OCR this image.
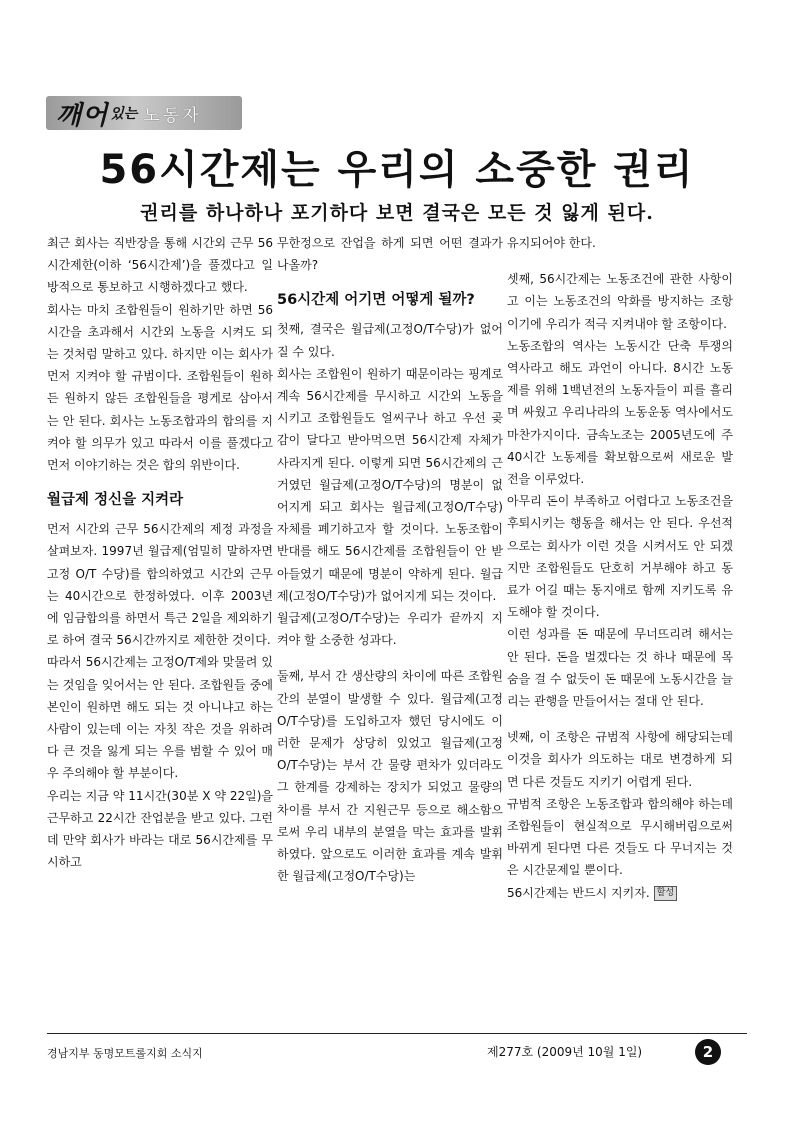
깨어 있는 노동자
56시간제는 우리의 소중한 권리
권리를 하나하나 포기하다 보면 결국은 모든 것 잃게 된다.

최근 회사는 직반장을 통해 시간외 근무 56시간제한(이하 ‘56시간제’)을 풀겠다고 일방적으로 통보하고 시행하겠다고 했다.

회사는 마치 조합원들이 원하기만 하면 56시간을 초과해서 시간외 노동을 시켜도 되는 것처럼 말하고 있다. 하지만 이는 회사가 먼저 지켜야 할 규범이다. 조합원들이 원하든 원하지 않든 조합원들을 평게로 삼아서는 안 된다. 회사는 노동조합과의 합의를 지켜야 할 의무가 있고 따라서 이를 풀겠다고 먼저 이야기하는 것은 합의 위반이다.

월급제 정신을 지켜라

먼저 시간외 근무 56시간제의 제정 과정을 살펴보자. 1997년 월급제(엄밀히 말하자면 고정 O/T 수당)를 합의하였고 시간외 근무는 40시간으로 한정하였다. 이후 2003년에 임금합의를 하면서 특근 2일을 제외하기로 하여 결국 56시간까지로 제한한 것이다.

따라서 56시간제는 고정O/T제와 맞물려 있는 것임을 잊어서는 안 된다. 조합원들 중에 본인이 원하면 해도 되는 것 아니냐고 하는 사람이 있는데 이는 자칫 작은 것을 위하려다 큰 것을 잃게 되는 우를 범할 수 있어 매우 주의해야 할 부분이다.

우리는 지금 약 11시간(30분 X 약 22일)을 근무하고 22시간 잔업분을 받고 있다. 그런데 만약 회사가 바라는 대로 56시간제를 무시하고

무한정으로 잔업을 하게 되면 어떤 결과가 나올까?

56시간제 어기면 어떻게 될까?

첫째, 결국은 월급제(고정O/T수당)가 없어질 수 있다.

회사는 조합원이 원하기 때문이라는 핑계로 계속 56시간제를 무시하고 시간외 노동을 시키고 조합원들도 얼씨구나 하고 우선 곶감이 달다고 받아먹으면 56시간제 자체가 사라지게 된다. 이렇게 되면 56시간제의 근거였던 월급제(고정O/T수당)의 명분이 없어지게 되고 회사는 월급제(고정O/T수당) 자체를 폐기하고자 할 것이다. 노동조합이 반대를 해도 56시간제를 조합원들이 안 받아들였기 때문에 명분이 약하게 된다. 월급제(고정O/T수당)가 없어지게 되는 것이다.

월급제(고정O/T수당)는 우리가 끝까지 지켜야 할 소중한 성과다.

둘째, 부서 간 생산량의 차이에 따른 조합원 간의 분열이 발생할 수 있다. 월급제(고정O/T수당)를 도입하고자 했던 당시에도 이러한 문제가 상당히 있었고 월급제(고정O/T수당)는 부서 간 물량 편차가 있더라도 그 한계를 강제하는 장치가 되었고 물량의 차이를 부서 간 지원근무 등으로 해소함으로써 우리 내부의 분열을 막는 효과를 발휘하였다. 앞으로도 이러한 효과를 계속 발휘한 월급제(고정O/T수당)는

유지되어야 한다.

셋째, 56시간제는 노동조건에 관한 사항이고 이는 노동조건의 악화를 방지하는 조항이기에 우리가 적극 지켜내야 할 조항이다.

노동조합의 역사는 노동시간 단축 투쟁의 역사라고 해도 과언이 아니다. 8시간 노동제를 위해 1백년전의 노동자들이 피를 흘리며 싸웠고 우리나라의 노동운동 역사에서도 마찬가지이다. 금속노조는 2005년도에 주 40시간 노동제를 확보함으로써 새로운 발전을 이루었다.

아무리 돈이 부족하고 어렵다고 노동조건을 후퇴시키는 행동을 해서는 안 된다. 우선적으로는 회사가 이런 것을 시켜서도 안 되겠지만 조합원들도 단호히 거부해야 하고 동료가 어길 때는 동지애로 함께 지키도록 유도해야 할 것이다.

이런 성과를 돈 때문에 무너뜨리려 해서는 안 된다. 돈을 벌겠다는 것 하나 때문에 목숨을 걸 수 없듯이 돈 때문에 노동시간을 늘리는 관행을 만들어서는 절대 안 된다.

넷째, 이 조항은 규범적 사항에 해당되는데 이것을 회사가 의도하는 대로 변경하게 되면 다른 것들도 지키기 어렵게 된다.

규범적 조항은 노동조합과 합의해야 하는데 조합원들이 현실적으로 무시해버림으로써 바뀌게 된다면 다른 것들도 다 무너지는 것은 시간문제일 뿐이다.

56시간제는 반드시 지키자. 할성

경남지부 동명모트롤지회 소식지	제277호 (2009년 10월 1일)	2
